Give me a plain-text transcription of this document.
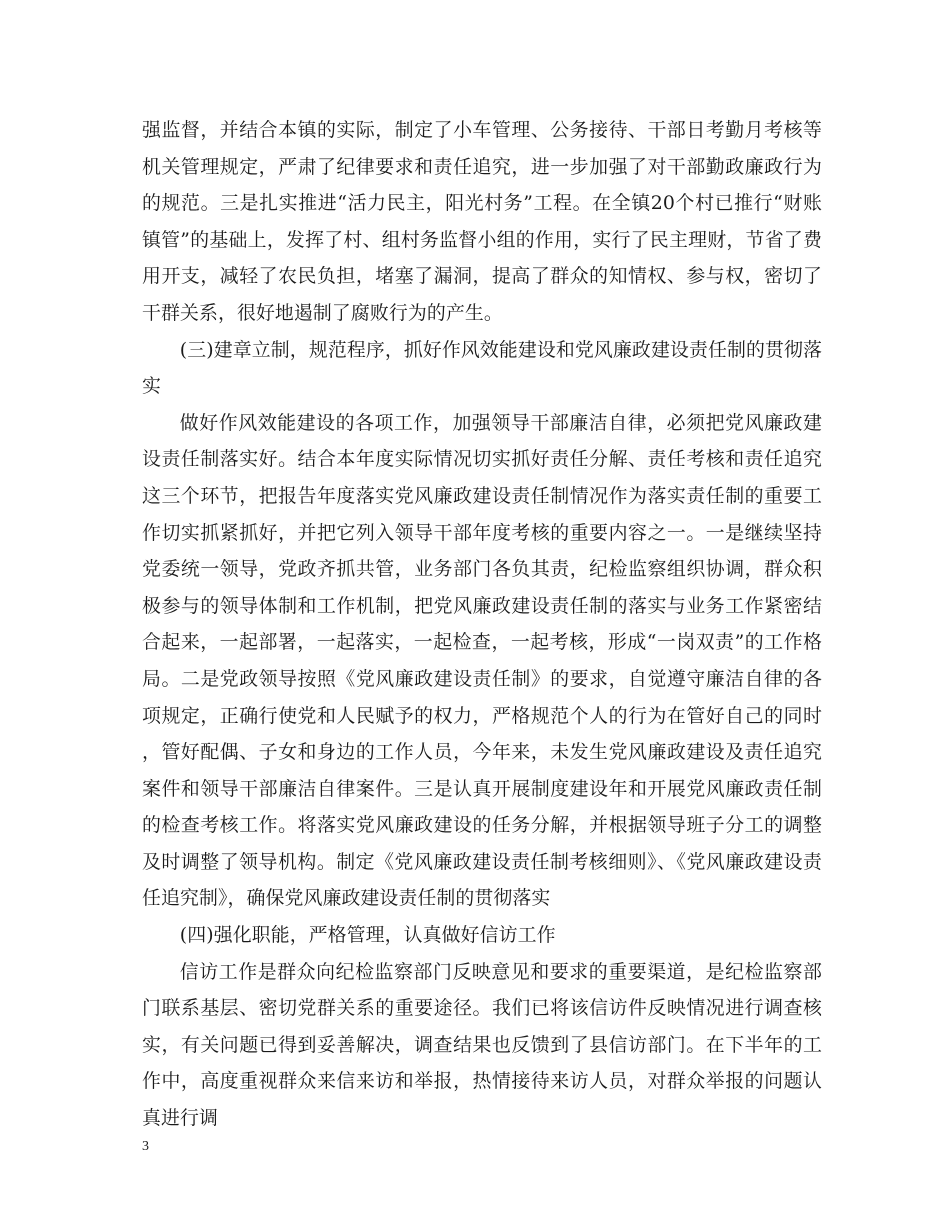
强监督，并结合本镇的实际，制定了小车管理、公务接待、干部日考勤月考核等机关管理规定，严肃了纪律要求和责任追究，进一步加强了对干部勤政廉政行为的规范。三是扎实推进“活力民主，阳光村务”工程。在全镇20个村已推行“财账镇管”的基础上，发挥了村、组村务监督小组的作用，实行了民主理财，节省了费用开支，减轻了农民负担，堵塞了漏洞，提高了群众的知情权、参与权，密切了干群关系，很好地遏制了腐败行为的产生。

(三)建章立制，规范程序，抓好作风效能建设和党风廉政建设责任制的贯彻落实

做好作风效能建设的各项工作，加强领导干部廉洁自律，必须把党风廉政建设责任制落实好。结合本年度实际情况切实抓好责任分解、责任考核和责任追究这三个环节，把报告年度落实党风廉政建设责任制情况作为落实责任制的重要工作切实抓紧抓好，并把它列入领导干部年度考核的重要内容之一。一是继续坚持党委统一领导，党政齐抓共管，业务部门各负其责，纪检监察组织协调，群众积极参与的领导体制和工作机制，把党风廉政建设责任制的落实与业务工作紧密结合起来，一起部署，一起落实，一起检查，一起考核，形成“一岗双责”的工作格局。二是党政领导按照《党风廉政建设责任制》的要求，自觉遵守廉洁自律的各项规定，正确行使党和人民赋予的权力，严格规范个人的行为在管好自己的同时，管好配偶、子女和身边的工作人员，今年来，未发生党风廉政建设及责任追究案件和领导干部廉洁自律案件。三是认真开展制度建设年和开展党风廉政责任制的检查考核工作。将落实党风廉政建设的任务分解，并根据领导班子分工的调整及时调整了领导机构。制定《党风廉政建设责任制考核细则》、《党风廉政建设责任追究制》，确保党风廉政建设责任制的贯彻落实

(四)强化职能，严格管理，认真做好信访工作

信访工作是群众向纪检监察部门反映意见和要求的重要渠道，是纪检监察部门联系基层、密切党群关系的重要途径。我们已将该信访件反映情况进行调查核实，有关问题已得到妥善解决，调查结果也反馈到了县信访部门。在下半年的工作中，高度重视群众来信来访和举报，热情接待来访人员，对群众举报的问题认真进行调

3
